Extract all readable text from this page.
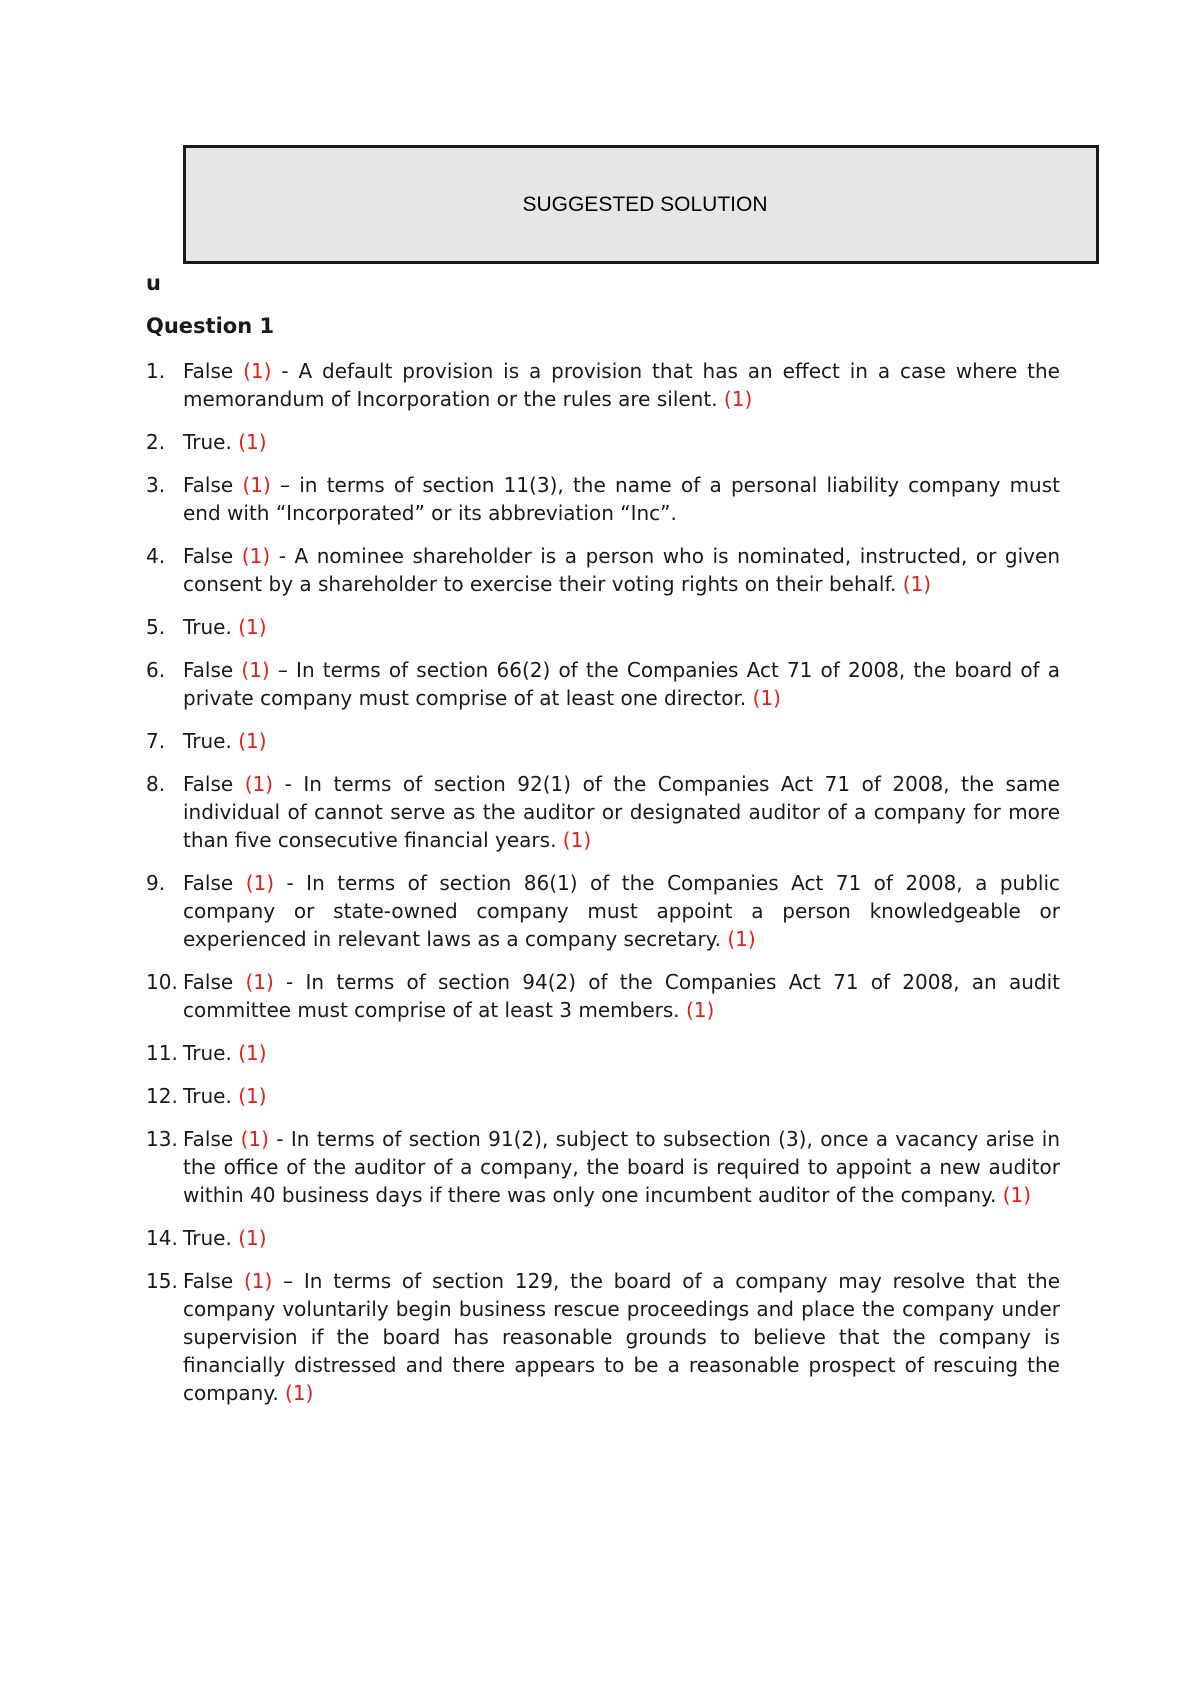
SUGGESTED SOLUTION
u
Question 1
1. False (1) - A default provision is a provision that has an effect in a case where the memorandum of Incorporation or the rules are silent. (1)
2. True. (1)
3. False (1) – in terms of section 11(3), the name of a personal liability company must end with “Incorporated” or its abbreviation “Inc”.
4. False (1) - A nominee shareholder is a person who is nominated, instructed, or given consent by a shareholder to exercise their voting rights on their behalf. (1)
5. True. (1)
6. False (1) – In terms of section 66(2) of the Companies Act 71 of 2008, the board of a private company must comprise of at least one director. (1)
7. True. (1)
8. False (1) - In terms of section 92(1) of the Companies Act 71 of 2008, the same individual of cannot serve as the auditor or designated auditor of a company for more than five consecutive financial years. (1)
9. False (1) - In terms of section 86(1) of the Companies Act 71 of 2008, a public company or state-owned company must appoint a person knowledgeable or experienced in relevant laws as a company secretary. (1)
10. False (1) - In terms of section 94(2) of the Companies Act 71 of 2008, an audit committee must comprise of at least 3 members. (1)
11. True. (1)
12. True. (1)
13. False (1) - In terms of section 91(2), subject to subsection (3), once a vacancy arise in the office of the auditor of a company, the board is required to appoint a new auditor within 40 business days if there was only one incumbent auditor of the company. (1)
14. True. (1)
15. False (1) – In terms of section 129, the board of a company may resolve that the company voluntarily begin business rescue proceedings and place the company under supervision if the board has reasonable grounds to believe that the company is financially distressed and there appears to be a reasonable prospect of rescuing the company. (1)
